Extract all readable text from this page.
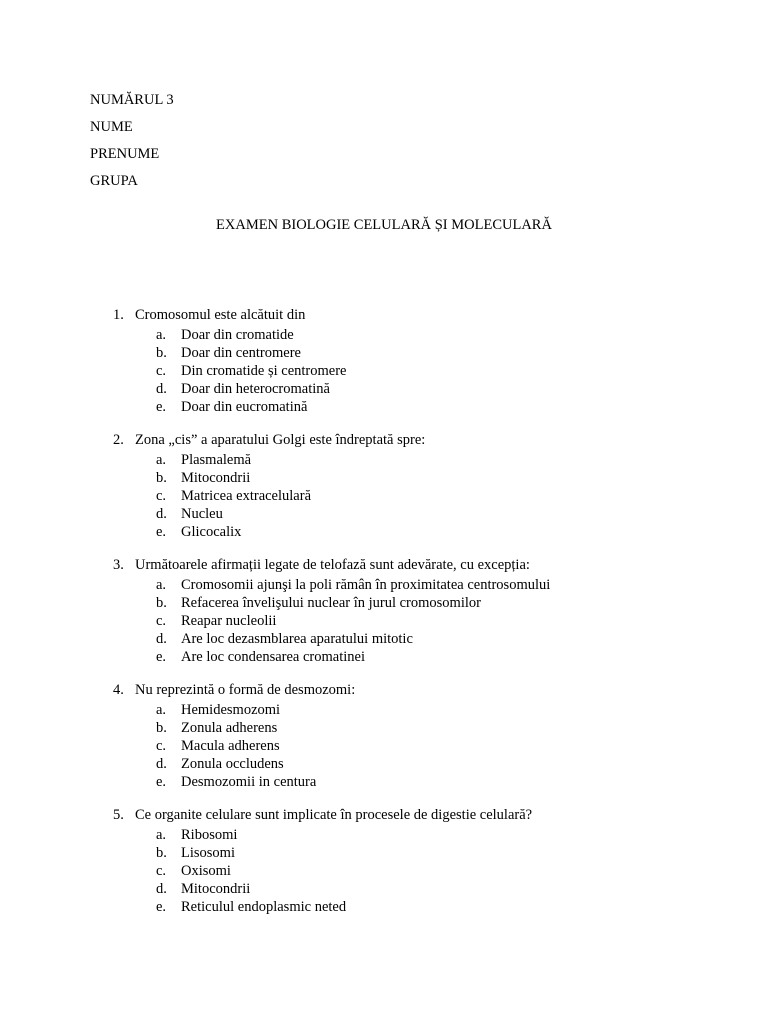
NUMĂRUL 3
NUME
PRENUME
GRUPA
EXAMEN BIOLOGIE CELULARĂ ȘI MOLECULARĂ
1. Cromosomul este alcătuit din
a. Doar din cromatide
b. Doar din centromere
c. Din cromatide și centromere
d. Doar din heterocromatină
e. Doar din eucromatină
2. Zona „cis” a aparatului Golgi este îndreptată spre:
a. Plasmalemă
b. Mitocondrii
c. Matricea extracelulară
d. Nucleu
e. Glicocalix
3. Următoarele afirmații legate de telofază sunt adevărate, cu excepția:
a. Cromosomii ajunşi la poli rămân în proximitatea centrosomului
b. Refacerea învelişului nuclear în jurul cromosomilor
c. Reapar nucleolii
d. Are loc dezasmblarea aparatului mitotic
e. Are loc condensarea cromatinei
4. Nu reprezintă o formă de desmozomi:
a. Hemidesmozomi
b. Zonula adherens
c. Macula adherens
d. Zonula occludens
e. Desmozomii in centura
5. Ce organite celulare sunt implicate în procesele de digestie celulară?
a. Ribosomi
b. Lisosomi
c. Oxisomi
d. Mitocondrii
e. Reticulul endoplasmic neted
